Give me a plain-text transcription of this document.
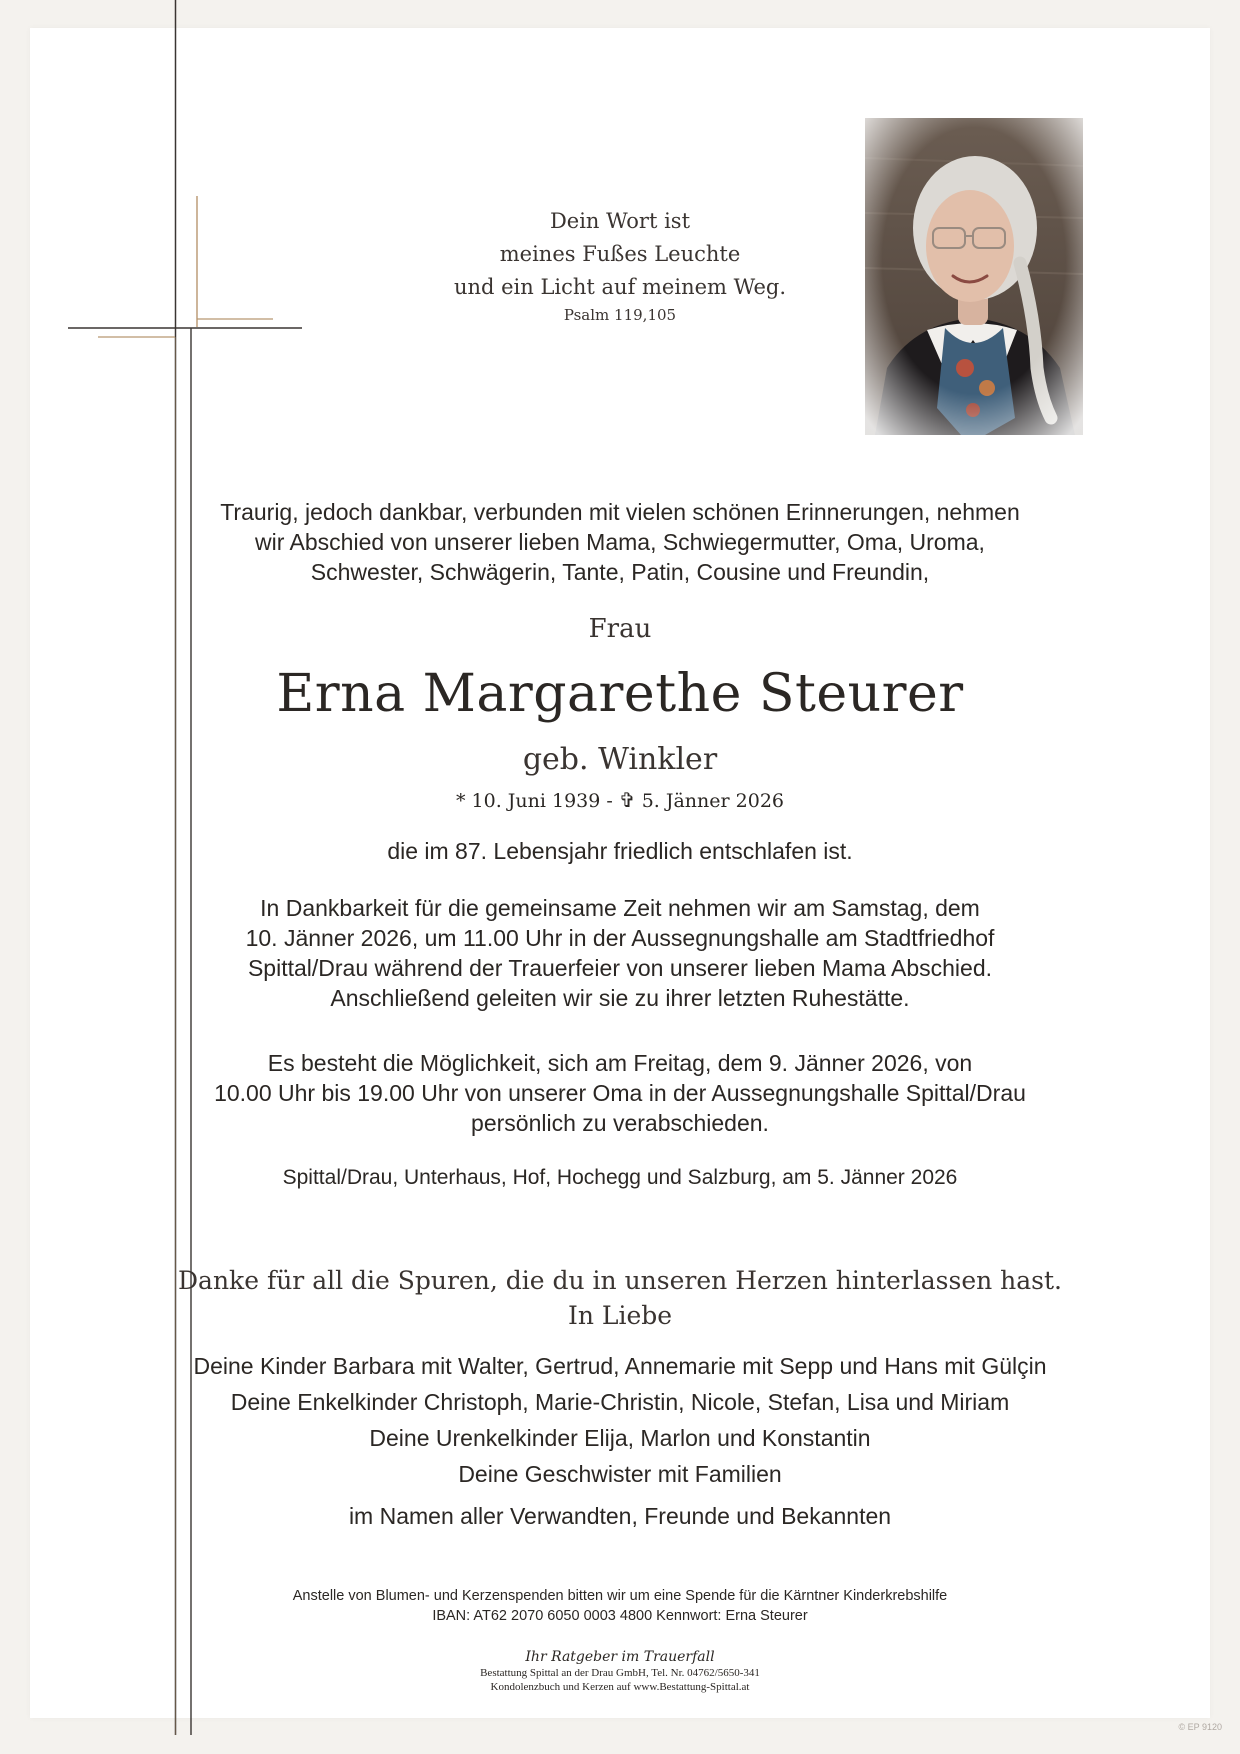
Dein Wort ist
meines Fußes Leuchte
und ein Licht auf meinem Weg.
Psalm 119,105
Traurig, jedoch dankbar, verbunden mit vielen schönen Erinnerungen, nehmen
wir Abschied von unserer lieben Mama, Schwiegermutter, Oma, Uroma,
Schwester, Schwägerin, Tante, Patin, Cousine und Freundin,
Frau
Erna Margarethe Steurer
geb. Winkler
* 10. Juni 1939 - ✞ 5. Jänner 2026
die im 87. Lebensjahr friedlich entschlafen ist.
In Dankbarkeit für die gemeinsame Zeit nehmen wir am Samstag, dem
10. Jänner 2026, um 11.00 Uhr in der Aussegnungshalle am Stadtfriedhof
Spittal/Drau während der Trauerfeier von unserer lieben Mama Abschied.
Anschließend geleiten wir sie zu ihrer letzten Ruhestätte.
Es besteht die Möglichkeit, sich am Freitag, dem 9. Jänner 2026, von
10.00 Uhr bis 19.00 Uhr von unserer Oma in der Aussegnungshalle Spittal/Drau
persönlich zu verabschieden.
Spittal/Drau, Unterhaus, Hof, Hochegg und Salzburg, am 5. Jänner 2026
Danke für all die Spuren, die du in unseren Herzen hinterlassen hast.
In Liebe
Deine Kinder Barbara mit Walter, Gertrud, Annemarie mit Sepp und Hans mit Gülçin
Deine Enkelkinder Christoph, Marie-Christin, Nicole, Stefan, Lisa und Miriam
Deine Urenkelkinder Elija, Marlon und Konstantin
Deine Geschwister mit Familien
im Namen aller Verwandten, Freunde und Bekannten
Anstelle von Blumen- und Kerzenspenden bitten wir um eine Spende für die Kärntner Kinderkrebshilfe
IBAN: AT62 2070 6050 0003 4800 Kennwort: Erna Steurer
Ihr Ratgeber im Trauerfall
Bestattung Spittal an der Drau GmbH, Tel. Nr. 04762/5650-341
Kondolenzbuch und Kerzen auf www.Bestattung-Spittal.at
© EP 9120
